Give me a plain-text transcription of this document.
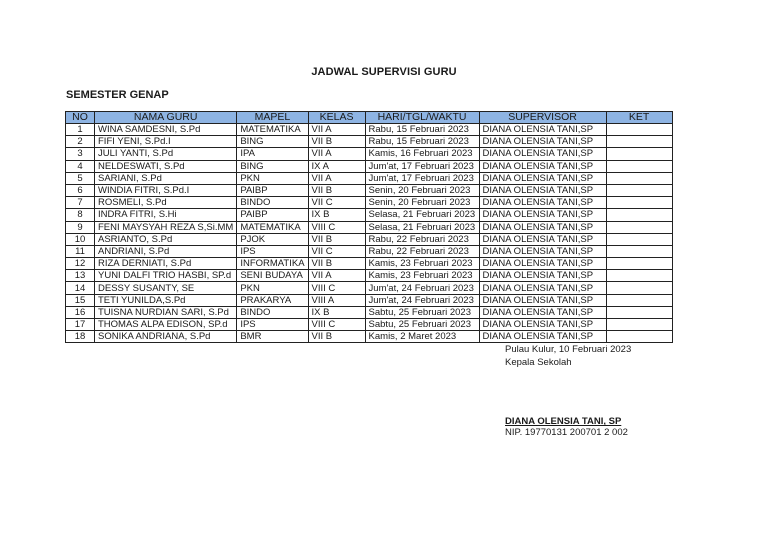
JADWAL SUPERVISI GURU
SEMESTER GENAP
NO	NAMA GURU	MAPEL	KELAS	HARI/TGL/WAKTU	SUPERVISOR	KET
1	WINA SAMDESNI, S.Pd	MATEMATIKA	VII A	Rabu, 15 Februari 2023	DIANA OLENSIA TANI,SP	
2	FIFI YENI, S.Pd.I	BING	VII B	Rabu, 15 Februari 2023	DIANA OLENSIA TANI,SP	
3	JULI YANTI, S.Pd	IPA	VII A	Kamis, 16 Februari 2023	DIANA OLENSIA TANI,SP	
4	NELDESWATI, S.Pd	BING	IX A	Jum'at, 17 Februari 2023	DIANA OLENSIA TANI,SP	
5	SARIANI, S.Pd	PKN	VII A	Jum'at, 17 Februari 2023	DIANA OLENSIA TANI,SP	
6	WINDIA FITRI, S.Pd.I	PAIBP	VII B	Senin, 20 Februari 2023	DIANA OLENSIA TANI,SP	
7	ROSMELI, S.Pd	BINDO	VII C	Senin, 20 Februari 2023	DIANA OLENSIA TANI,SP	
8	INDRA FITRI, S.Hi	PAIBP	IX B	Selasa, 21 Februari 2023	DIANA OLENSIA TANI,SP	
9	FENI MAYSYAH REZA S,Si.MM	MATEMATIKA	VIII C	Selasa, 21 Februari 2023	DIANA OLENSIA TANI,SP	
10	ASRIANTO, S.Pd	PJOK	VII B	Rabu, 22 Februari 2023	DIANA OLENSIA TANI,SP	
11	ANDRIANI, S.Pd	IPS	VII C	Rabu, 22 Februari 2023	DIANA OLENSIA TANI,SP	
12	RIZA DERNIATI, S.Pd	INFORMATIKA	VII B	Kamis, 23 Februari 2023	DIANA OLENSIA TANI,SP	
13	YUNI DALFI TRIO HASBI, SP.d	SENI BUDAYA	VII A	Kamis, 23 Februari 2023	DIANA OLENSIA TANI,SP	
14	DESSY SUSANTY, SE	PKN	VIII C	Jum'at, 24 Februari 2023	DIANA OLENSIA TANI,SP	
15	TETI YUNILDA,S.Pd	PRAKARYA	VIII A	Jum'at, 24 Februari 2023	DIANA OLENSIA TANI,SP	
16	TUISNA NURDIAN SARI, S.Pd	BINDO	IX B	Sabtu, 25 Februari 2023	DIANA OLENSIA TANI,SP	
17	THOMAS ALPA EDISON, SP.d	IPS	VIII C	Sabtu, 25 Februari 2023	DIANA OLENSIA TANI,SP	
18	SONIKA ANDRIANA, S.Pd	BMR	VII B	Kamis, 2 Maret 2023	DIANA OLENSIA TANI,SP	
Pulau Kulur, 10 Februari 2023
Kepala Sekolah
DIANA OLENSIA TANI, SP
NIP. 19770131 200701 2 002
